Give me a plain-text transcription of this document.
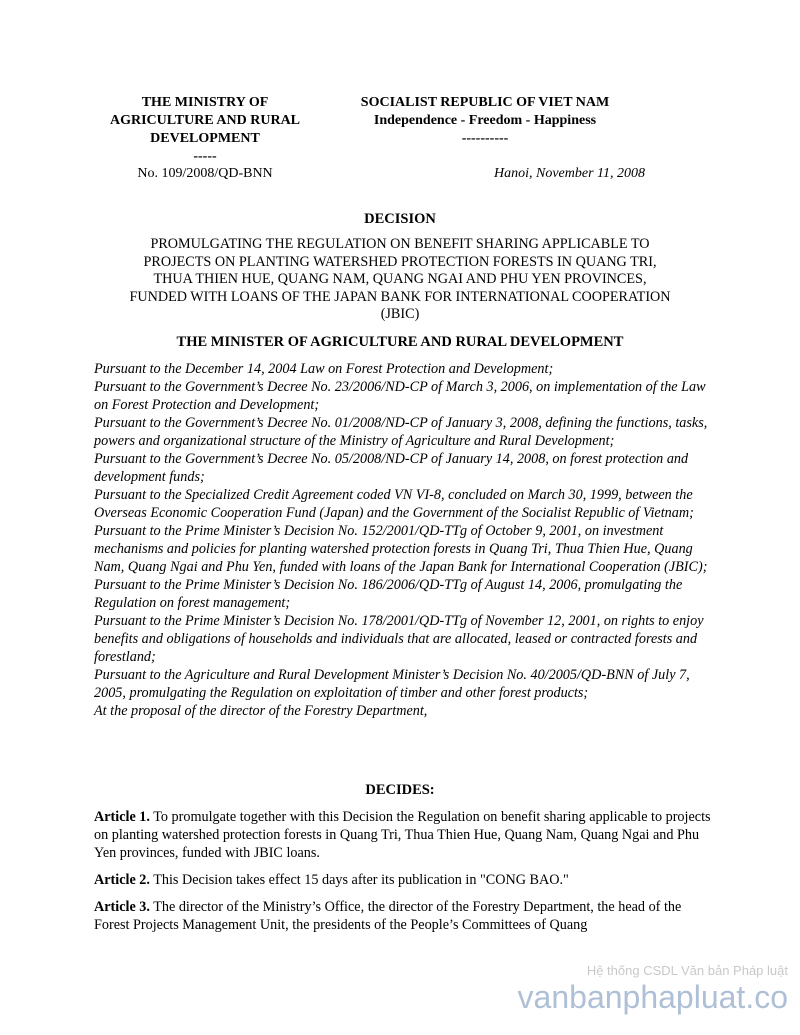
THE MINISTRY OF
AGRICULTURE AND RURAL
DEVELOPMENT
-----
SOCIALIST REPUBLIC OF VIET NAM
Independence - Freedom - Happiness
----------
No. 109/2008/QD-BNN	Hanoi, November 11, 2008
DECISION
PROMULGATING THE REGULATION ON BENEFIT SHARING APPLICABLE TO
PROJECTS ON PLANTING WATERSHED PROTECTION FORESTS IN QUANG TRI,
THUA THIEN HUE, QUANG NAM, QUANG NGAI AND PHU YEN PROVINCES,
FUNDED WITH LOANS OF THE JAPAN BANK FOR INTERNATIONAL COOPERATION
(JBIC)
THE MINISTER OF AGRICULTURE AND RURAL DEVELOPMENT

Pursuant to the December 14, 2004 Law on Forest Protection and Development;

Pursuant to the Government’s Decree No. 23/2006/ND-CP of March 3, 2006, on implementation of the Law on Forest Protection and Development;

Pursuant to the Government’s Decree No. 01/2008/ND-CP of January 3, 2008, defining the functions, tasks, powers and organizational structure of the Ministry of Agriculture and Rural Development;

Pursuant to the Government’s Decree No. 05/2008/ND-CP of January 14, 2008, on forest protection and development funds;

Pursuant to the Specialized Credit Agreement coded VN VI-8, concluded on March 30, 1999, between the Overseas Economic Cooperation Fund (Japan) and the Government of the Socialist Republic of Vietnam;

Pursuant to the Prime Minister’s Decision No. 152/2001/QD-TTg of October 9, 2001, on investment mechanisms and policies for planting watershed protection forests in Quang Tri, Thua Thien Hue, Quang Nam, Quang Ngai and Phu Yen, funded with loans of the Japan Bank for International Cooperation (JBIC);

Pursuant to the Prime Minister’s Decision No. 186/2006/QD-TTg of August 14, 2006, promulgating the Regulation on forest management;

Pursuant to the Prime Minister’s Decision No. 178/2001/QD-TTg of November 12, 2001, on rights to enjoy benefits and obligations of households and individuals that are allocated, leased or contracted forests and forestland;

Pursuant to the Agriculture and Rural Development Minister’s Decision No. 40/2005/QD-BNN of July 7, 2005, promulgating the Regulation on exploitation of timber and other forest products;

At the proposal of the director of the Forestry Department,

DECIDES:

Article 1. To promulgate together with this Decision the Regulation on benefit sharing applicable to projects on planting watershed protection forests in Quang Tri, Thua Thien Hue, Quang Nam, Quang Ngai and Phu Yen provinces, funded with JBIC loans.

Article 2. This Decision takes effect 15 days after its publication in "CONG BAO."

Article 3. The director of the Ministry’s Office, the director of the Forestry Department, the head of the Forest Projects Management Unit, the presidents of the People’s Committees of Quang

Hệ thống CSDL Văn bản Pháp luật
vanbanphapluat.co
